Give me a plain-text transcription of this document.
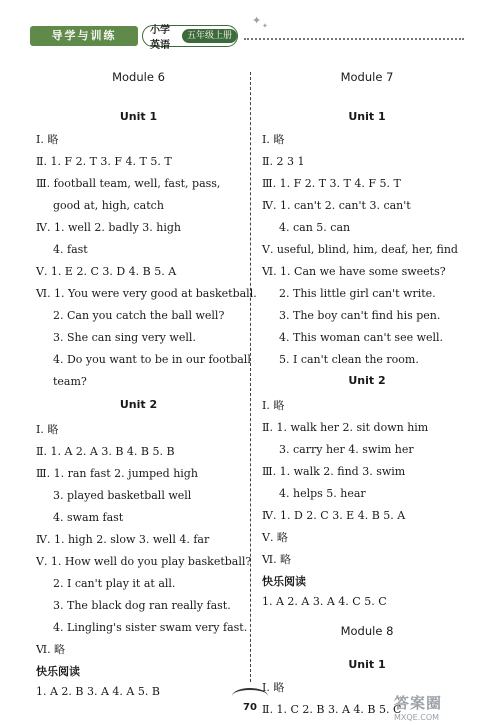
导学与训练	小学英语
五年级上册
✦ ✦
Module 6
Unit 1
Ⅰ. 略
Ⅱ. 1. F 2. T 3. F 4. T 5. T
Ⅲ. football team, well, fast, pass,
good at, high, catch
Ⅳ. 1. well 2. badly 3. high
4. fast
Ⅴ. 1. E 2. C 3. D 4. B 5. A
Ⅵ. 1. You were very good at basketball.
2. Can you catch the ball well?
3. She can sing very well.
4. Do you want to be in our football
team?
Unit 2
Ⅰ. 略
Ⅱ. 1. A 2. A 3. B 4. B 5. B
Ⅲ. 1. ran fast 2. jumped high
3. played basketball well
4. swam fast
Ⅳ. 1. high 2. slow 3. well 4. far
Ⅴ. 1. How well do you play basketball?
2. I can't play it at all.
3. The black dog ran really fast.
4. Lingling's sister swam very fast.
Ⅵ. 略
快乐阅读
1. A 2. B 3. A 4. A 5. B
Module 7
Unit 1
Ⅰ. 略
Ⅱ. 2 3 1
Ⅲ. 1. F 2. T 3. T 4. F 5. T
Ⅳ. 1. can't 2. can't 3. can't
4. can 5. can
Ⅴ. useful, blind, him, deaf, her, find
Ⅵ. 1. Can we have some sweets?
2. This little girl can't write.
3. The boy can't find his pen.
4. This woman can't see well.
5. I can't clean the room.
Unit 2
Ⅰ. 略
Ⅱ. 1. walk her 2. sit down him
3. carry her 4. swim her
Ⅲ. 1. walk 2. find 3. swim
4. helps 5. hear
Ⅳ. 1. D 2. C 3. E 4. B 5. A
Ⅴ. 略
Ⅵ. 略
快乐阅读
1. A 2. A 3. A 4. C 5. C
Module 8
Unit 1
Ⅰ. 略
Ⅱ. 1. C 2. B 3. A 4. B 5. C
70	答案圈
MXQE.COM
